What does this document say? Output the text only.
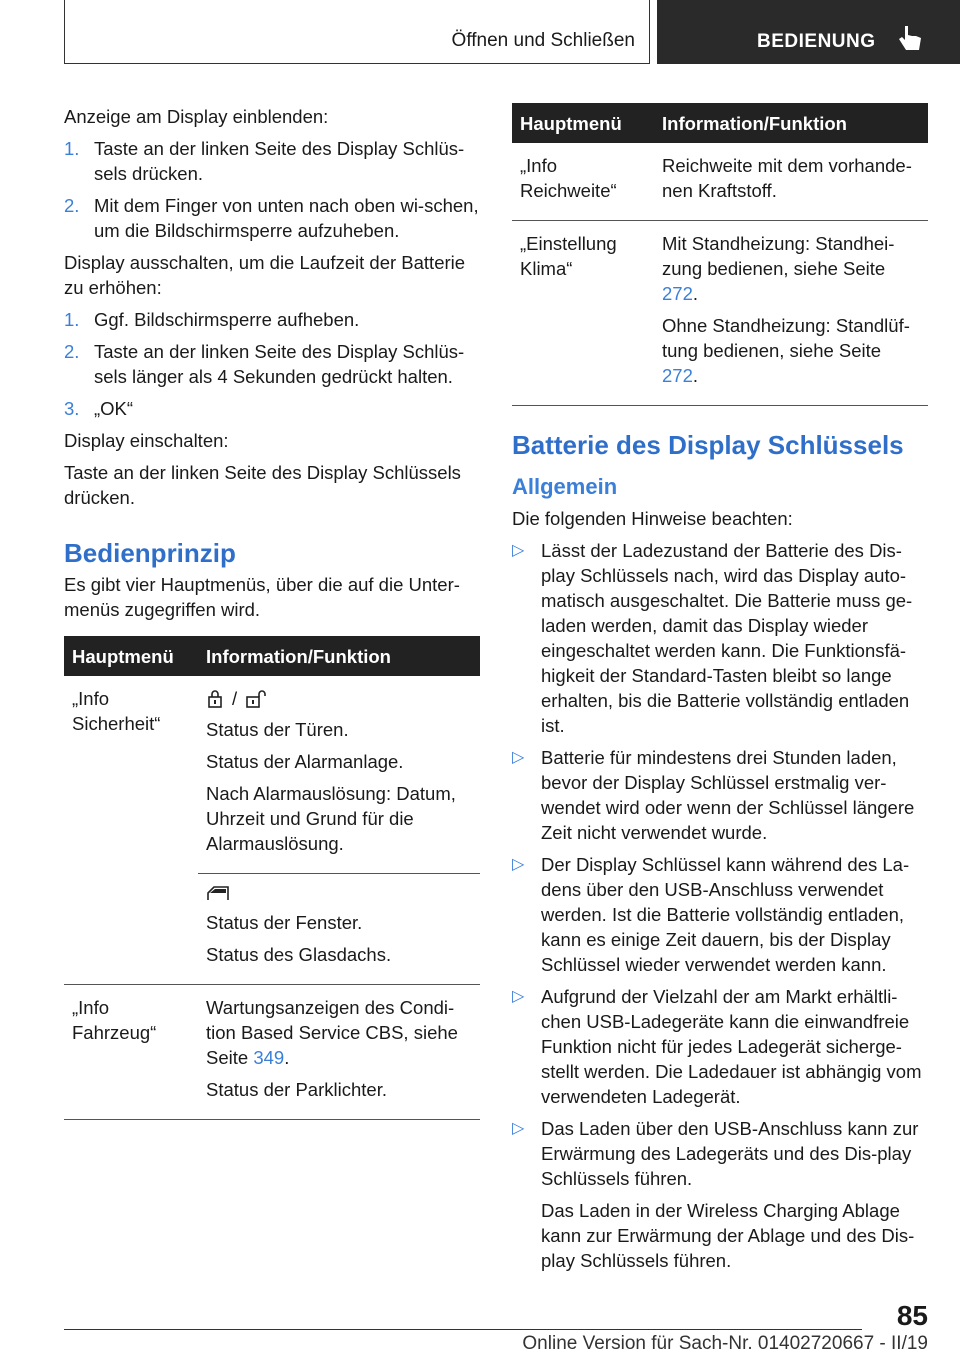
Öffnen und Schließen	BEDIENUNG

Anzeige am Display einblenden:

1. Taste an der linken Seite des Display Schlüs-sels drücken.
2. Mit dem Finger von unten nach oben wi-schen, um die Bildschirmsperre aufzuheben.

Display ausschalten, um die Laufzeit der Batterie zu erhöhen:

1. Ggf. Bildschirmsperre aufheben.
2. Taste an der linken Seite des Display Schlüs-sels länger als 4 Sekunden gedrückt halten.
3. „OK“

Display einschalten:

Taste an der linken Seite des Display Schlüssels drücken.

Bedienprinzip

Es gibt vier Hauptmenüs, über die auf die Unter-menüs zugegriffen wird.

Hauptmenü	Information/Funktion
„Info Sicherheit“	/

Status der Türen.

Status der Alarmanlage.

Nach Alarmauslösung: Datum, Uhrzeit und Grund für die Alarmauslösung.

	Status der Fenster.

Status des Glasdachs.

„Info Fahrzeug“	Wartungsanzeigen des Condi-tion Based Service CBS, siehe Seite 349.

Status der Parklichter.

Hauptmenü	Information/Funktion
„Info Reichweite“	Reichweite mit dem vorhande-nen Kraftstoff.

„Einstellung Klima“	Mit Standheizung: Standhei-zung bedienen, siehe Seite 272.

Ohne Standheizung: Standlüf-tung bedienen, siehe Seite 272.

Batterie des Display Schlüssels
Allgemein

Die folgenden Hinweise beachten:

▷ Lässt der Ladezustand der Batterie des Dis-play Schlüssels nach, wird das Display auto-matisch ausgeschaltet. Die Batterie muss ge-laden werden, damit das Display wieder eingeschaltet werden kann. Die Funktionsfä-higkeit der Standard-Tasten bleibt so lange erhalten, bis die Batterie vollständig entladen ist.
▷ Batterie für mindestens drei Stunden laden, bevor der Display Schlüssel erstmalig ver-wendet wird oder wenn der Schlüssel längere Zeit nicht verwendet wurde.
▷ Der Display Schlüssel kann während des La-dens über den USB-Anschluss verwendet werden. Ist die Batterie vollständig entladen, kann es einige Zeit dauern, bis der Display Schlüssel wieder verwendet werden kann.
▷ Aufgrund der Vielzahl der am Markt erhältli-chen USB-Ladegeräte kann die einwandfreie Funktion nicht für jedes Ladegerät sicherge-stellt werden. Die Ladedauer ist abhängig vom verwendeten Ladegerät.
▷ Das Laden über den USB-Anschluss kann zur Erwärmung des Ladegeräts und des Dis-play Schlüssels führen.

Das Laden in der Wireless Charging Ablage kann zur Erwärmung der Ablage und des Dis-play Schlüssels führen.

85
Online Version für Sach-Nr. 01402720667 - II/19
